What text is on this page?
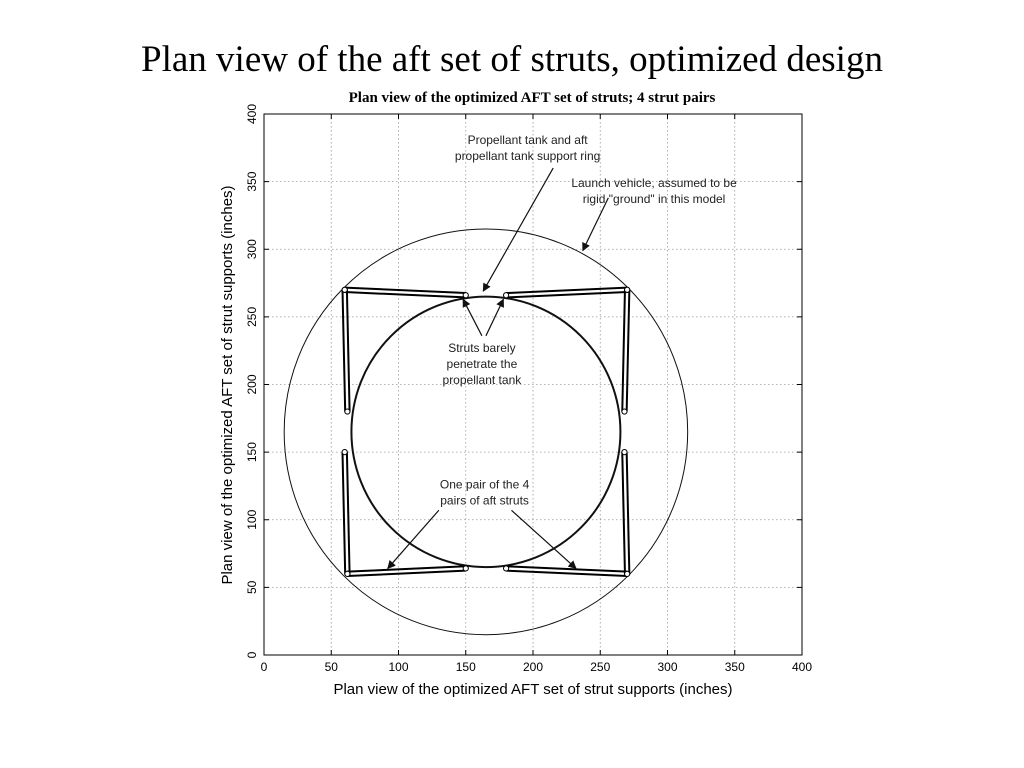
Plan view of the aft set of struts, optimized design
Plan view of the optimized AFT set of struts; 4 strut pairs
0	50	100	150	200	250	300	350	400
0
50
100
150
200
250
300
350
400
Propellant tank and aft propellant tank support ring
Launch vehicle, assumed to be rigid "ground" in this model
Struts barely penetrate the propellant tank
One pair of the 4 pairs of aft struts
Plan view of the optimized AFT set of strut supports (inches)
Plan view of the optimized AFT set of strut supports (inches)
